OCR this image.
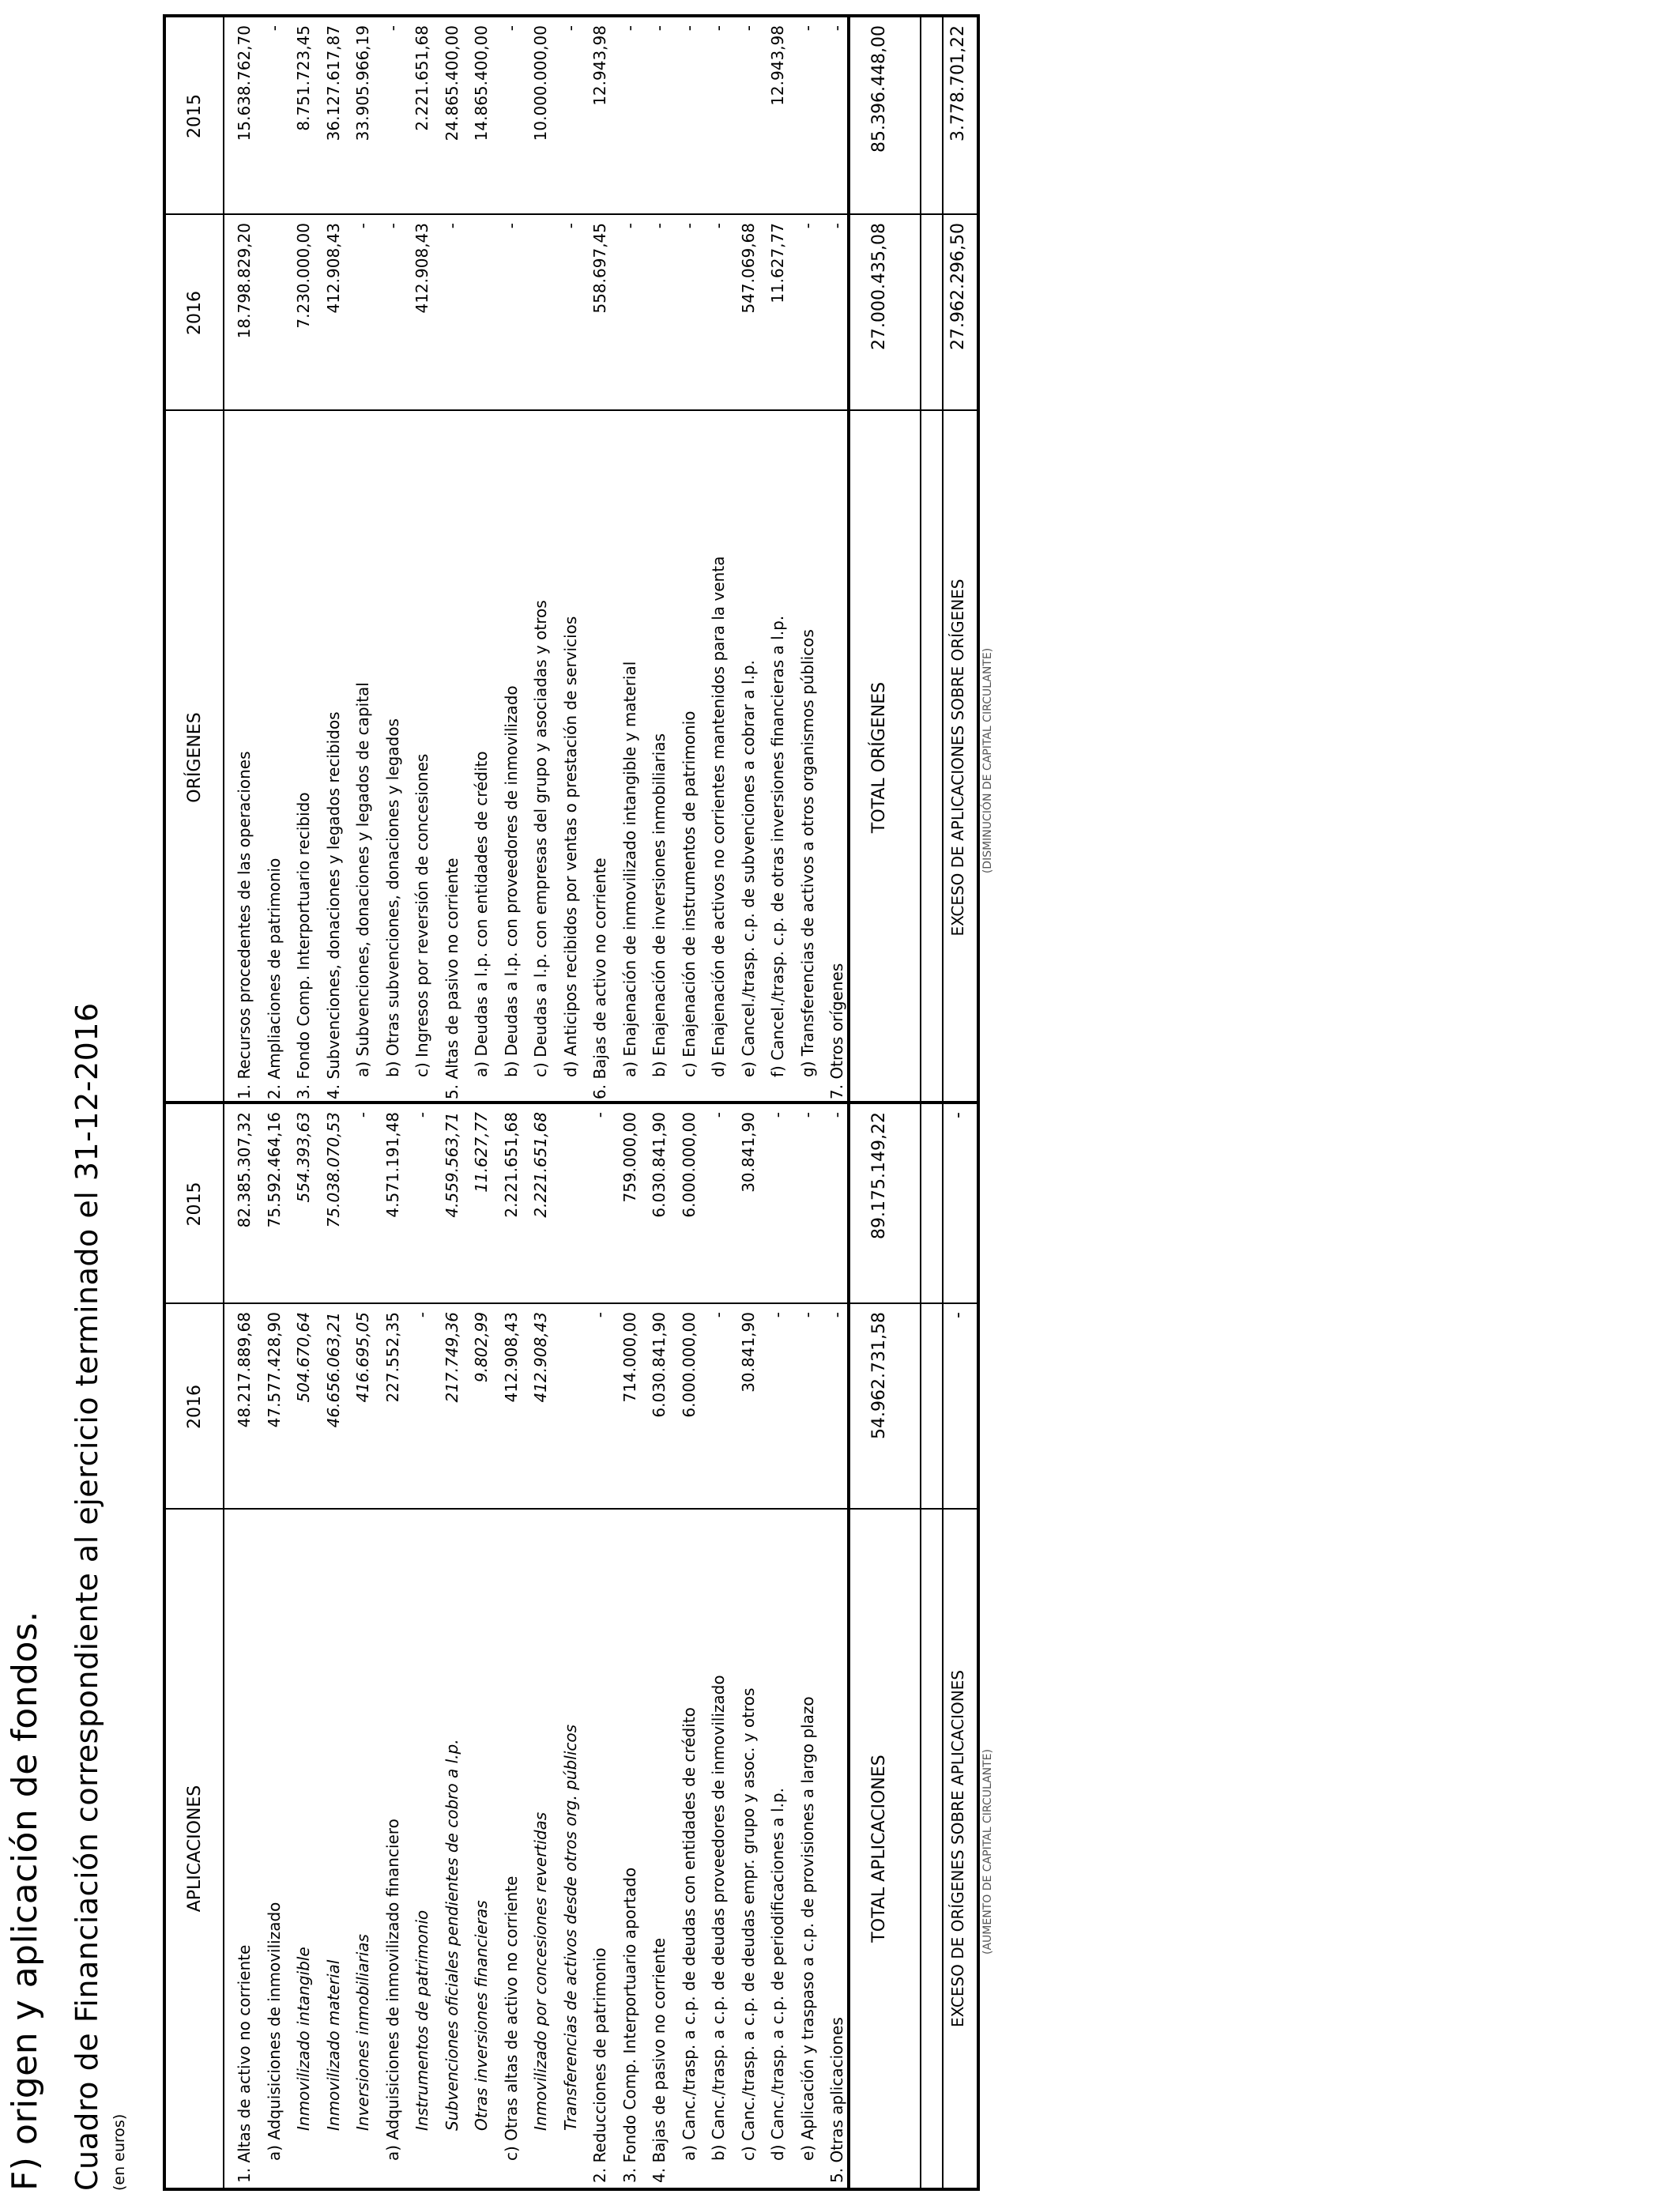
F) origen y aplicación de fondos. Cuadro de Financiación correspondiente al ejercicio terminado el 31-12-2016 (en euros)
APLICACIONES
2016
2015
ORÍGENES
2016
2015
1. Altas de activo no corriente
48.217.889,68
82.385.307,32
a) Adquisiciones de inmovilizado
47.577.428,90
75.592.464,16
Inmovilizado intangible
504.670,64
554.393,63
Inmovilizado material
46.656.063,21
75.038.070,53
Inversiones inmobiliarias
416.695,05
-
a) Adquisiciones de inmovilizado financiero
227.552,35
4.571.191,48
Instrumentos de patrimonio
-
-
Subvenciones oficiales pendientes de cobro a l.p.
217.749,36
4.559.563,71
Otras inversiones financieras
9.802,99
11.627,77
c) Otras altas de activo no corriente
412.908,43
2.221.651,68
Inmovilizado por concesiones revertidas
412.908,43
2.221.651,68
Transferencias de activos desde otros org. públicos 2. Reducciones de patrimonio
-
-
3. Fondo Comp. Interportuario aportado
714.000,00
759.000,00
4. Bajas de pasivo no corriente
6.030.841,90
6.030.841,90
a) Canc./trasp. a c.p. de deudas con entidades de crédito
6.000.000,00
6.000.000,00
b) Canc./trasp. a c.p. de deudas proveedores de inmovilizado
-
-
c) Canc./trasp. a c.p. de deudas empr. grupo y asoc. y otros
30.841,90
30.841,90
d) Canc./trasp. a c.p. de periodificaciones a l.p.
-
-
e) Aplicación y traspaso a c.p. de provisiones a largo plazo
-
-
5. Otras aplicaciones
-
-
1. Recursos procedentes de las operaciones
18.798.829,20
15.638.762,70
2. Ampliaciones de patrimonio
-
3. Fondo Comp. Interportuario recibido
7.230.000,00
8.751.723,45
4. Subvenciones, donaciones y legados recibidos
412.908,43
36.127.617,87
a) Subvenciones, donaciones y legados de capital
-
33.905.966,19
b) Otras subvenciones, donaciones y legados
-
-
c) Ingresos por reversión de concesiones
412.908,43
2.221.651,68
5. Altas de pasivo no corriente
-
24.865.400,00
a) Deudas a l.p. con entidades de crédito
14.865.400,00
b) Deudas a l.p. con proveedores de inmovilizado
-
-
c) Deudas a l.p. con empresas del grupo y asociadas y otros
10.000.000,00
d) Anticipos recibidos por ventas o prestación de servicios
-
-
6. Bajas de activo no corriente
558.697,45
12.943,98
a) Enajenación de inmovilizado intangible y material
-
-
b) Enajenación de inversiones inmobiliarias
-
-
c) Enajenación de instrumentos de patrimonio
-
-
d) Enajenación de activos no corrientes mantenidos para la venta
-
-
e) Cancel./trasp. c.p. de subvenciones a cobrar a l.p.
547.069,68
-
f) Cancel./trasp. c.p. de otras inversiones financieras a l.p.
11.627,77
12.943,98
g) Transferencias de activos a otros organismos públicos
-
-
7. Otros orígenes
-
-
TOTAL APLICACIONES
54.962.731,58
89.175.149,22
TOTAL ORÍGENES
27.000.435,08
85.396.448,00
EXCESO DE ORÍGENES SOBRE APLICACIONES
-
-
EXCESO DE APLICACIONES SOBRE ORÍGENES
27.962.296,50
3.778.701,22
(AUMENTO DE CAPITAL CIRCULANTE)
(DISMINUCIÓN DE CAPITAL CIRCULANTE)
